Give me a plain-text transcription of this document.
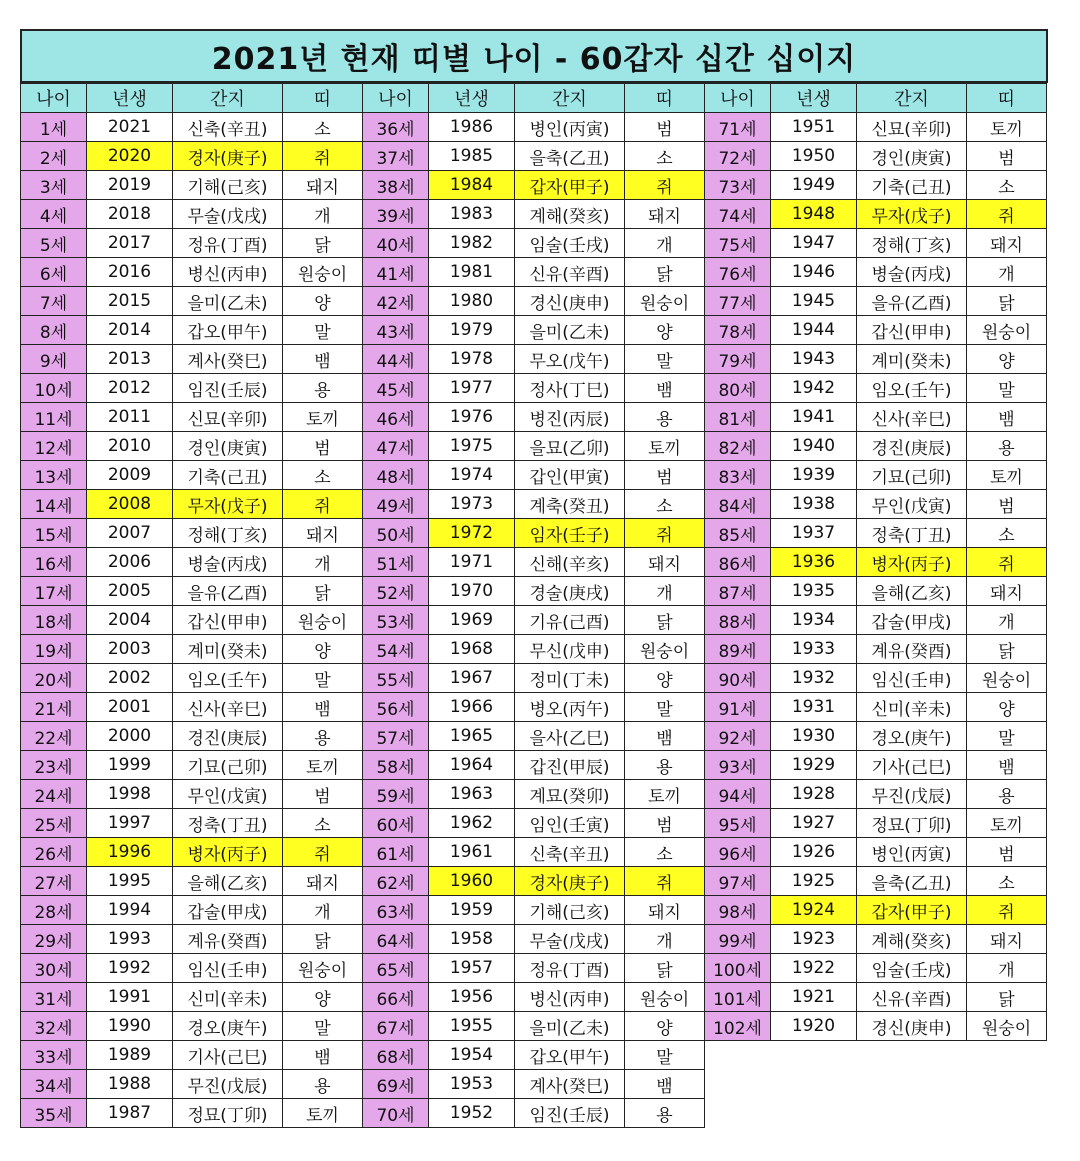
2021년 현재 띠별 나이 - 60갑자 십간 십이지
나이	년생	간지	띠
1세	2021	신축(辛丑)	소
2세	2020	경자(庚子)	쥐
3세	2019	기해(己亥)	돼지
4세	2018	무술(戊戌)	개
5세	2017	정유(丁酉)	닭
6세	2016	병신(丙申)	원숭이
7세	2015	을미(乙未)	양
8세	2014	갑오(甲午)	말
9세	2013	계사(癸巳)	뱀
10세	2012	임진(壬辰)	용
11세	2011	신묘(辛卯)	토끼
12세	2010	경인(庚寅)	범
13세	2009	기축(己丑)	소
14세	2008	무자(戊子)	쥐
15세	2007	정해(丁亥)	돼지
16세	2006	병술(丙戌)	개
17세	2005	을유(乙酉)	닭
18세	2004	갑신(甲申)	원숭이
19세	2003	계미(癸未)	양
20세	2002	임오(壬午)	말
21세	2001	신사(辛巳)	뱀
22세	2000	경진(庚辰)	용
23세	1999	기묘(己卯)	토끼
24세	1998	무인(戊寅)	범
25세	1997	정축(丁丑)	소
26세	1996	병자(丙子)	쥐
27세	1995	을해(乙亥)	돼지
28세	1994	갑술(甲戌)	개
29세	1993	계유(癸酉)	닭
30세	1992	임신(壬申)	원숭이
31세	1991	신미(辛未)	양
32세	1990	경오(庚午)	말
33세	1989	기사(己巳)	뱀
34세	1988	무진(戊辰)	용
35세	1987	정묘(丁卯)	토끼
나이	년생	간지	띠
36세	1986	병인(丙寅)	범
37세	1985	을축(乙丑)	소
38세	1984	갑자(甲子)	쥐
39세	1983	계해(癸亥)	돼지
40세	1982	임술(壬戌)	개
41세	1981	신유(辛酉)	닭
42세	1980	경신(庚申)	원숭이
43세	1979	을미(乙未)	양
44세	1978	무오(戊午)	말
45세	1977	정사(丁巳)	뱀
46세	1976	병진(丙辰)	용
47세	1975	을묘(乙卯)	토끼
48세	1974	갑인(甲寅)	범
49세	1973	계축(癸丑)	소
50세	1972	임자(壬子)	쥐
51세	1971	신해(辛亥)	돼지
52세	1970	경술(庚戌)	개
53세	1969	기유(己酉)	닭
54세	1968	무신(戊申)	원숭이
55세	1967	정미(丁未)	양
56세	1966	병오(丙午)	말
57세	1965	을사(乙巳)	뱀
58세	1964	갑진(甲辰)	용
59세	1963	계묘(癸卯)	토끼
60세	1962	임인(壬寅)	범
61세	1961	신축(辛丑)	소
62세	1960	경자(庚子)	쥐
63세	1959	기해(己亥)	돼지
64세	1958	무술(戊戌)	개
65세	1957	정유(丁酉)	닭
66세	1956	병신(丙申)	원숭이
67세	1955	을미(乙未)	양
68세	1954	갑오(甲午)	말
69세	1953	계사(癸巳)	뱀
70세	1952	임진(壬辰)	용
나이	년생	간지	띠
71세	1951	신묘(辛卯)	토끼
72세	1950	경인(庚寅)	범
73세	1949	기축(己丑)	소
74세	1948	무자(戊子)	쥐
75세	1947	정해(丁亥)	돼지
76세	1946	병술(丙戌)	개
77세	1945	을유(乙酉)	닭
78세	1944	갑신(甲申)	원숭이
79세	1943	계미(癸未)	양
80세	1942	임오(壬午)	말
81세	1941	신사(辛巳)	뱀
82세	1940	경진(庚辰)	용
83세	1939	기묘(己卯)	토끼
84세	1938	무인(戊寅)	범
85세	1937	정축(丁丑)	소
86세	1936	병자(丙子)	쥐
87세	1935	을해(乙亥)	돼지
88세	1934	갑술(甲戌)	개
89세	1933	계유(癸酉)	닭
90세	1932	임신(壬申)	원숭이
91세	1931	신미(辛未)	양
92세	1930	경오(庚午)	말
93세	1929	기사(己巳)	뱀
94세	1928	무진(戊辰)	용
95세	1927	정묘(丁卯)	토끼
96세	1926	병인(丙寅)	범
97세	1925	을축(乙丑)	소
98세	1924	갑자(甲子)	쥐
99세	1923	계해(癸亥)	돼지
100세	1922	임술(壬戌)	개
101세	1921	신유(辛酉)	닭
102세	1920	경신(庚申)	원숭이
